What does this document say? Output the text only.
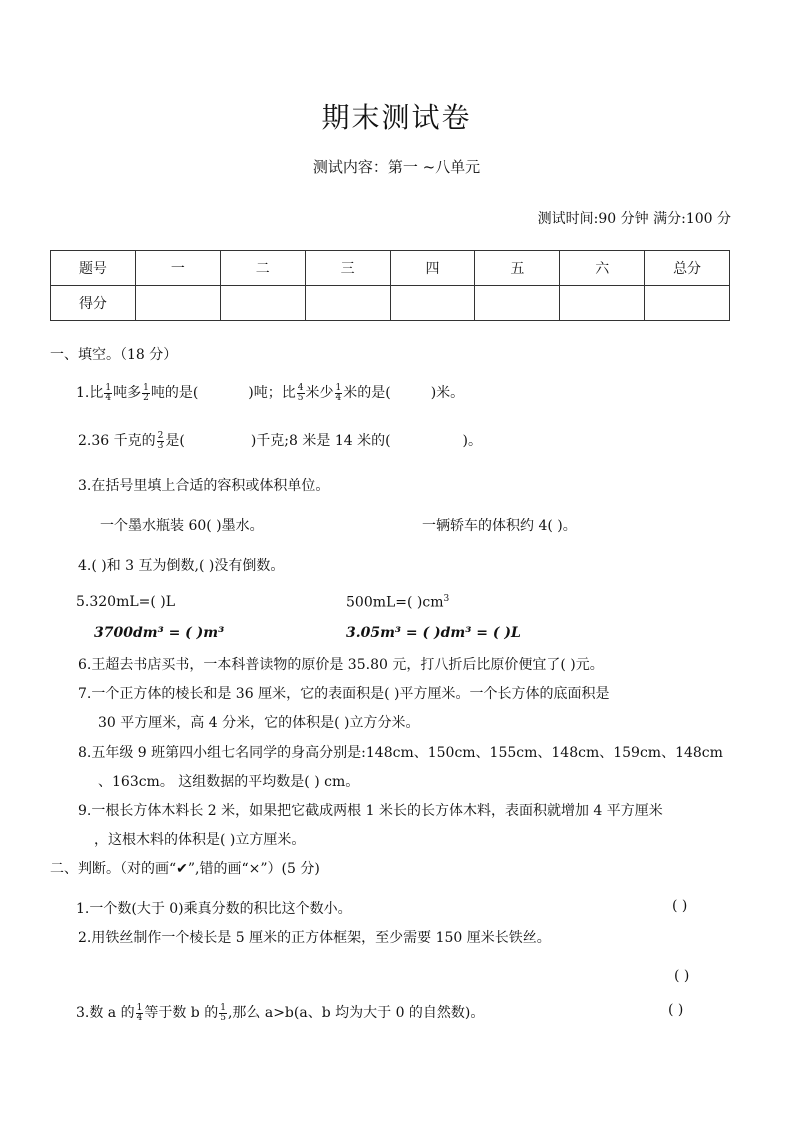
期末测试卷
测试内容：第一 ~八单元
测试时间:90 分钟 满分:100 分
题号	一	二	三	四	五	六	总分
得分							
一、填空。（18 分）
1.比 $\frac{1}{4}$ 吨多 $\frac{1}{2}$ 吨的是(	)吨；比 $\frac{4}{5}$ 米少 $\frac{1}{4}$ 米的是(	)米。
2.36 千克的 $\frac{2}{3}$ 是(	)千克;8 米是 14 米的(	)。
3.在括号里填上合适的容积或体积单位。
一个墨水瓶装 60( )墨水。	一辆轿车的体积约 4( )。
4.( )和 3 互为倒数,( )没有倒数。
5.320mL=( )L	500mL=( )$cm^3$
3700dm³ = ( )m³	3.05m³ = ( )dm³ = ( )L
6.王超去书店买书，一本科普读物的原价是 35.80 元，打八折后比原价便宜了( )元。
7.一个正方体的棱长和是 36 厘米，它的表面积是( )平方厘米。一个长方体的底面积是
30 平方厘米，高 4 分米，它的体积是( )立方分米。
8.五年级 9 班第四小组七名同学的身高分别是:148cm、150cm、155cm、148cm、159cm、148cm
、163cm。 这组数据的平均数是( ) cm。
9.一根长方体木料长 2 米，如果把它截成两根 1 米长的长方体木料，表面积就增加 4 平方厘米
，这根木料的体积是( )立方厘米。
二、判断。（对的画“✔”,错的画“×”）(5 分)
1.一个数(大于 0)乘真分数的积比这个数小。	( )
2.用铁丝制作一个棱长是 5 厘米的正方体框架，至少需要 150 厘米长铁丝。
( )
3.数 a 的 $\frac{1}{4}$ 等于数 b 的 $\frac{1}{5}$ ,那么 a>b(a、b 均为大于 0 的自然数)。	( )
